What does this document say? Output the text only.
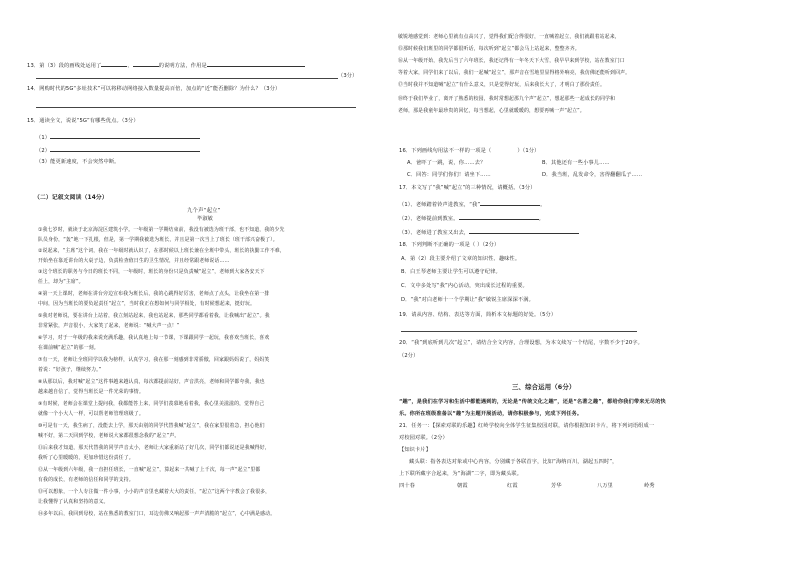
13．第（3）段的画线处运用了	、	的说明方法，作用是
（3分）
14．网购时代的5G“多址技术”可以将移动网络接入数量提高百倍，加点的“近”能否删除？为什么？（3分）
15．通读全文，说说“5G”有哪些优点。（3分）
（1）
（2）
（3）能更新速度，不会突然中断。
（二）记叙文阅读（14分）
九个声“起立”
毕淑敏
①我七岁时，就读于北京海淀区建筑小学。一年级第一学期结束前，我没有被选为班干部，也不知道，我的少先
队员身份，“轰”地一下扎根，但是，第一学期我被选为班长，并且是第一次当上了班长（班干部兴奋极了）。
②说起来，“主席”这个词，我在一年级时就认识了，在那时候以上班长兼在全班中带头，班长的执勤工作不难，
开始坐在靠近讲台的大桌子边，负责检查值日生的卫生情况，并且经常跟老师说话……
③这个班长的职务与今日的班长不同，一年级时，班长的身份只是负责喊“起立”，老师到大家各安天下
任上，却为“主席”。
④第一天上课时，老师在讲台旁边宣布我为班长后，我的心跳得好厉害，老师点了点头，让我坐在第一排
中间，因为当班长的要负起责任“起立”，当时我正在想如何与同学相处，有时候想起来，挺好玩。
⑤我对老师说，要在讲台上站着，我立刻站起来，我也站起来，那些同学都看着我，让我喊出“起立”。我
非常紧张，声音很小，大家笑了起来，老师说：“喊大声一点！”
⑥学习，对于一年级的我来说充满乐趣，我认真地上每一节课，下课跟同学一起玩，我喜欢当班长，喜欢
在课前喊“起立”的那一刻。
⑦有一天，老师让全班同学以我为榜样，认真学习，我在那一刻感到非常骄傲，回家跟妈妈说了，妈妈笑
着说：“好孩子，继续努力。”
⑧从那以后，我对喊“起立”这件事越来越认真，每次都提前站好，声音洪亮，老师和同学都夸我，我也
越来越自信了，觉得当班长是一件光荣的事情。
⑨有时候，老师会在课堂上提问我，我都能答上来，同学们羡慕地看着我，我心里美滋滋的，觉得自己
就像一个小大人一样，可以帮老师管理班级了。
⑩可是有一天，我生病了，没能去上学，那天由别的同学代替我喊“起立”，我在家里很着急，担心他们
喊不好，第二天回到学校，老师说大家都很想念我的“起立”声。
⑪后来我才知道，那天代替我的同学声音太小，老师让大家重新站了好几次，同学们都说还是我喊得好，
我听了心里暖暖的，更加珍惜这份责任了。
⑫从一年级到六年级，我一直担任班长，一直喊“起立”，算起来一共喊了上千次，每一声“起立”里都
有我的成长，有老师的信任和同学的支持。
⑬可以想象，一个人专注做一件小事，小小的声音里也藏着大大的责任，“起立”这两个字教会了我很多，
让我懂得了认真和坚持的意义。
⑭多年以后，我回到母校，站在熟悉的教室门口，耳边仿佛又响起那一声声清脆的“起立”，心中满是感动。
敏锐地感觉到：老师心里就有点高兴了，觉得我们配合得很好，一直喊着起立，我们就跟着站起来，
⑮那时候我们班里的同学都很听话，每次听到“起立”都会马上站起来，整整齐齐。
⑯从一年级开始，我先后当了六年班长，我还记得有一年冬天下大雪，我早早来到学校，站在教室门口
等着大家，同学们来了以后，我们一起喊“起立”，那声音在雪地里显得格外响亮，我仿佛还能听到回声。
⑰当时我并不知道喊“起立”有什么意义，只是觉得好玩，后来我长大了，才明白了那份责任。
⑱终于我们毕业了，离开了熟悉的校园，我时常想起那九个声“起立”，想起那些一起成长的同学和
老师，那是我童年最珍贵的回忆，每当想起，心里就暖暖的，想要再喊一声“起立”。
16．下列画线句用法不一样的一项是（	）（1分）
A．爸吓了一跳，说，你……去？	B．其他还有一些小事儿……
C．回答：同学们你们！请坐下……	D．我当班，乱发命令，害得翻翻瓜子……
17．本文写了“我”喊“起立”的三种情况，请概括。（3分）
（1）、老师踏着铃声进教室，“我”	。
（2）、老师提前到教室。	。
（3）、老师进了教室又出去，
18．下列判断不正确的一项是（ ）（2分）
A．第（2）段主要介绍了文章的知识性、趣味性。
B．白王琴老师主要让学生可以遵守纪律。
C．文中多处写“我”内心活动，突出成长过程的重要。
D．“我”对白老师十一个学期让“我”敏锐主席深深不满。
19．请从内容、结构、表达等方面，简析本文标题的好处。（5分）
20．“我”到底听到几次“起立”，请结合全文内容，合理设想，为本文续写一个结尾，字数不少于20字。
（2分）
三、综合运用（6分）
“趣”，是我们在学习和生活中都能遇到的，无论是“传统文化之趣”，还是“名著之趣”，都给你我们带来无尽的快
乐。你所在班级准备以“趣”为主题开展活动，请你积极参与，完成下列任务。
21．任务一：【探索对联的乐趣】红岭学校向全体学生征集校园对联，请你根据知识卡片，将下列词语组成一
对校园对联。（2分）
【知识卡片】
藏头联：指各表达对象或中心内容，分别藏于各联首字，比如“海纳百川，湖起五四时”，
上下联所藏字合起来，为“海湖”二字，即为藏头联。
四十春	朝霞	红霞	芳华	八万里	岭秀
